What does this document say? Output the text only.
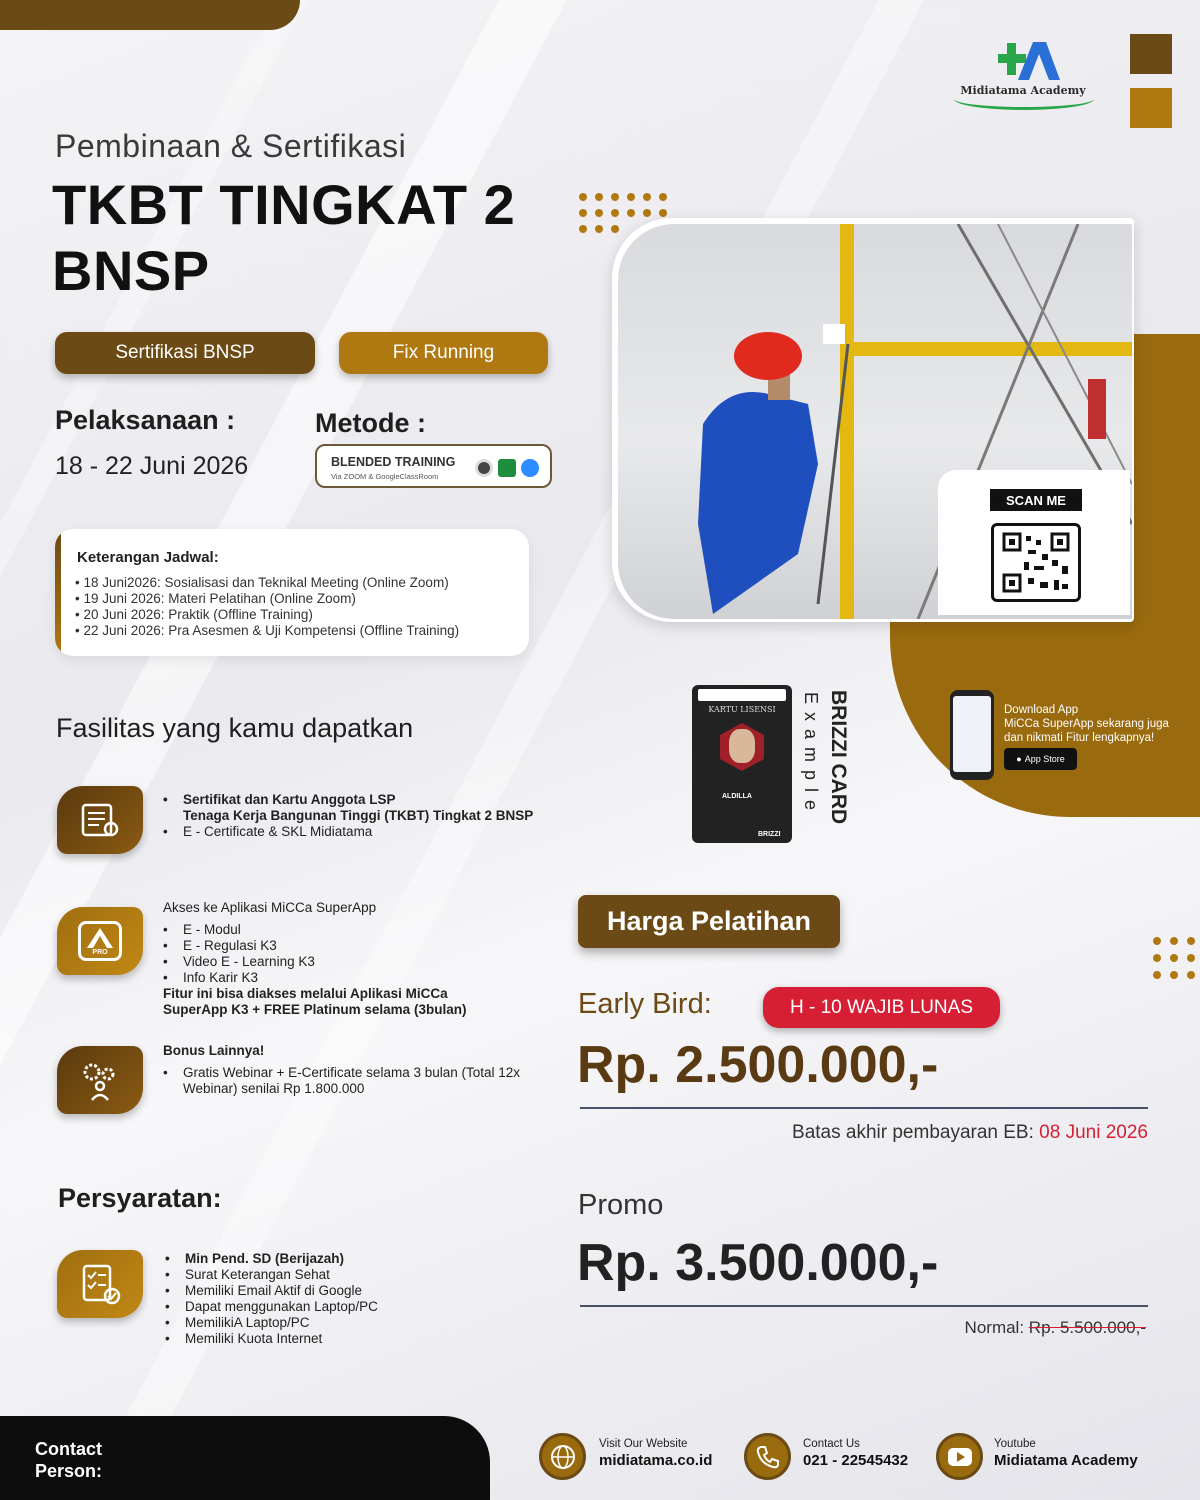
Midiatama Academy
Pembinaan & Sertifikasi
TKBT TINGKAT 2
BNSP
Sertifikasi BNSP	Fix Running
Pelaksanaan :
18 - 22 Juni 2026
Metode :
BLENDED TRAINING
Via ZOOM & GoogleClassRoom
Keterangan Jadwal:
• 18 Juni2026: Sosialisasi dan Teknikal Meeting (Online Zoom)
• 19 Juni 2026: Materi Pelatihan (Online Zoom)
• 20 Juni 2026: Praktik (Offline Training)
• 22 Juni 2026: Pra Asesmen & Uji Kompetensi (Offline Training)
SCAN ME
KARTU LISENSI
ALDILLA
BRIZZI
BRIZZI CARD
Example	Download App
MiCCa SuperApp sekarang juga
dan nikmati Fitur lengkapnya!
● App Store
Fasilitas yang kamu dapatkan
• Sertifikat dan Kartu Anggota LSP
Tenaga Kerja Bangunan Tinggi (TKBT) Tingkat 2 BNSP
• E - Certificate & SKL Midiatama
PRO
Akses ke Aplikasi MiCCa SuperApp
• E - Modul
• E - Regulasi K3
• Video E - Learning K3
• Info Karir K3
Fitur ini bisa diakses melalui Aplikasi MiCCa
SuperApp K3 + FREE Platinum selama (3bulan)
Bonus Lainnya!
• Gratis Webinar + E-Certificate selama 3 bulan (Total 12x
Webinar) senilai Rp 1.800.000
Persyaratan:
• Min Pend. SD (Berijazah)
• Surat Keterangan Sehat
• Memiliki Email Aktif di Google
• Dapat menggunakan Laptop/PC
• MemilikiA Laptop/PC
• Memiliki Kuota Internet
Harga Pelatihan
Early Bird:	H - 10 WAJIB LUNAS
Rp. 2.500.000,-
Batas akhir pembayaran EB: 08 Juni 2026
Promo
Rp. 3.500.000,-
Normal: Rp. 5.500.000,-
Contact
Person:
Visit Our Website
midiatama.co.id
Contact Us
021 - 22545432
Youtube
Midiatama Academy
